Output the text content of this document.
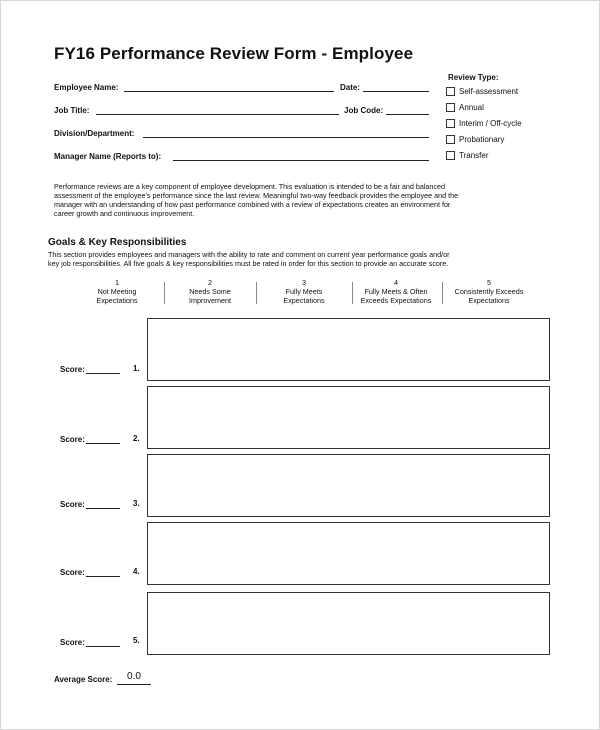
FY16 Performance Review Form - Employee
Employee Name:	Date:
Job Title:	Job Code:
Division/Department:
Manager Name (Reports to):
Review Type:
Self-assessment
Annual
Interim / Off-cycle
Probationary
Transfer
Performance reviews are a key component of employee development. This evaluation is intended to be a fair and balanced
assessment of the employee's performance since the last review. Meaningful two-way feedback provides the employee and the
manager with an understanding of how past performance combined with a review of expectations creates an environment for
career growth and continuous improvement.
Goals & Key Responsibilities
This section provides employees and managers with the ability to rate and comment on current year performance goals and/or
key job responsibilities. All five goals & key responsibilities must be rated in order for this section to provide an accurate score.
1
Not Meeting
Expectations
2
Needs Some
Improvement
3
Fully Meets
Expectations
4
Fully Meets & Often
Exceeds Expectations
5
Consistently Exceeds
Expectations
Score:	1.
Score:	2.
Score:	3.
Score:	4.
Score:	5.
Average Score: 0.0
